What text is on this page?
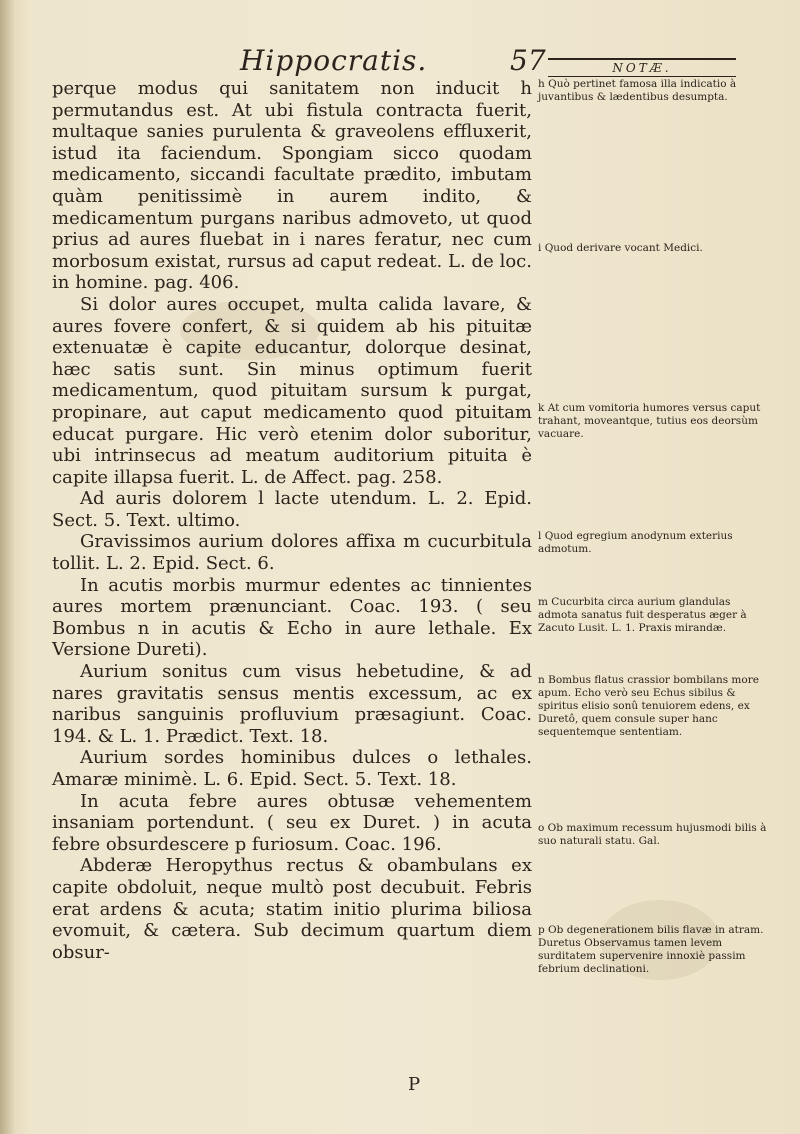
Hippocratis.	57	NOTÆ.

perque modus qui sanitatem non inducit h permutandus est. At ubi fistula contracta fuerit, multaque sanies purulenta & graveolens effluxerit, istud ita faciendum. Spongiam sicco quodam medicamento, siccandi facultate prædito, imbutam quàm penitissimè in aurem indito, & medicamentum purgans naribus admoveto, ut quod prius ad aures fluebat in i nares feratur, nec cum morbosum existat, rursus ad caput redeat. L. de loc. in homine. pag. 406.

Si dolor aures occupet, multa calida lavare, & aures fovere confert, & si quidem ab his pituitæ extenuatæ è capite educantur, dolorque desinat, hæc satis sunt. Sin minus optimum fuerit medicamentum, quod pituitam sursum k purgat, propinare, aut caput medicamento quod pituitam educat purgare. Hic verò etenim dolor suboritur, ubi intrinsecus ad meatum auditorium pituita è capite illapsa fuerit. L. de Affect. pag. 258.

Ad auris dolorem l lacte utendum. L. 2. Epid. Sect. 5. Text. ultimo.

Gravissimos aurium dolores affixa m cucurbitula tollit. L. 2. Epid. Sect. 6.

In acutis morbis murmur edentes ac tinnientes aures mortem prænunciant. Coac. 193. ( seu Bombus n in acutis & Echo in aure lethale. Ex Versione Dureti).

Aurium sonitus cum visus hebetudine, & ad nares gravitatis sensus mentis excessum, ac ex naribus sanguinis profluvium præsagiunt. Coac. 194. & L. 1. Prædict. Text. 18.

Aurium sordes hominibus dulces o lethales. Amaræ minimè. L. 6. Epid. Sect. 5. Text. 18.

In acuta febre aures obtusæ vehementem insaniam portendunt. ( seu ex Duret. ) in acuta febre obsurdescere p furiosum. Coac. 196.

Abderæ Heropythus rectus & obambulans ex capite obdoluit, neque multò post decubuit. Febris erat ardens & acuta; statim initio plurima biliosa evomuit, & cætera. Sub decimum quartum diem obsur-

h Quò pertinet famosa illa indicatio à juvantibus & lædentibus desumpta.
i Quod derivare vocant Medici.
k At cum vomitoria humores versus caput trahant, moveantque, tutius eos deorsùm vacuare.
l Quod egregium anodynum exterius admotum.
m Cucurbita circa aurium glandulas admota sanatus fuit desperatus æger à Zacuto Lusit. L. 1. Praxis mirandæ.
n Bombus flatus crassior bombilans more apum. Echo verò seu Echus sibilus & spiritus elisio sonû tenuiorem edens, ex Duretô, quem consule super hanc sequentemque sententiam.
o Ob maximum recessum hujusmodi bilis à suo naturali statu. Gal.
p Ob degenerationem bilis flavæ in atram. Duretus Observamus tamen levem surditatem supervenire innoxiè passim febrium declinationi.
P
